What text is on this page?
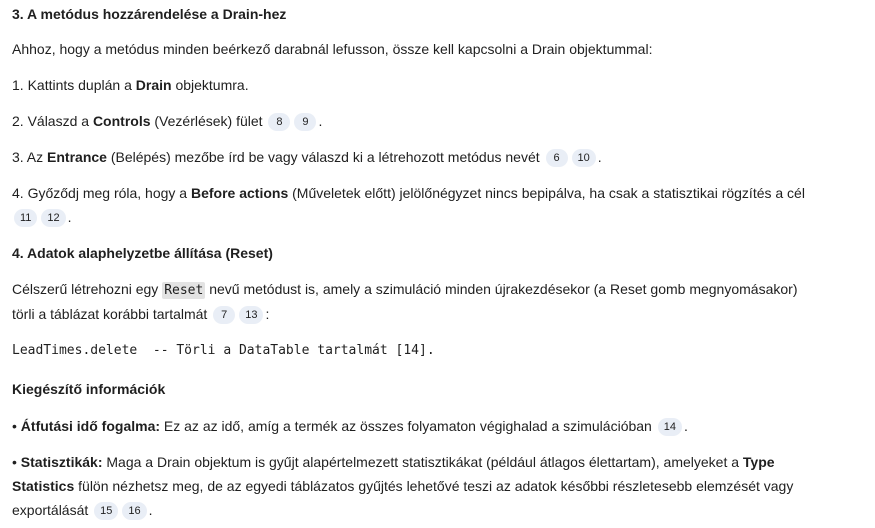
3. A metódus hozzárendelése a Drain-hez
Ahhoz, hogy a metódus minden beérkező darabnál lefusson, össze kell kapcsolni a Drain objektummal:
1. Kattints duplán a Drain objektumra.
2. Válaszd a Controls (Vezérlések) fület 8 9 .
3. Az Entrance (Belépés) mezőbe írd be vagy válaszd ki a létrehozott metódus nevét 6 10 .
4. Győződj meg róla, hogy a Before actions (Műveletek előtt) jelölőnégyzet nincs bepipálva, ha csak a statisztikai rögzítés a cél
11 12 .
4. Adatok alaphelyzetbe állítása (Reset)
Célszerű létrehozni egy Reset nevű metódust is, amely a szimuláció minden újrakezdésekor (a Reset gomb megnyomásakor)
törli a táblázat korábbi tartalmát 7 13 :
LeadTimes.delete  -- Törli a DataTable tartalmát [14].
Kiegészítő információk
• Átfutási idő fogalma: Ez az az idő, amíg a termék az összes folyamaton végighalad a szimulációban 14 .
• Statisztikák: Maga a Drain objektum is gyűjt alapértelmezett statisztikákat (például átlagos élettartam), amelyeket a Type
Statistics fülön nézhetsz meg, de az egyedi táblázatos gyűjtés lehetővé teszi az adatok későbbi részletesebb elemzését vagy
exportálását 15 16 .
